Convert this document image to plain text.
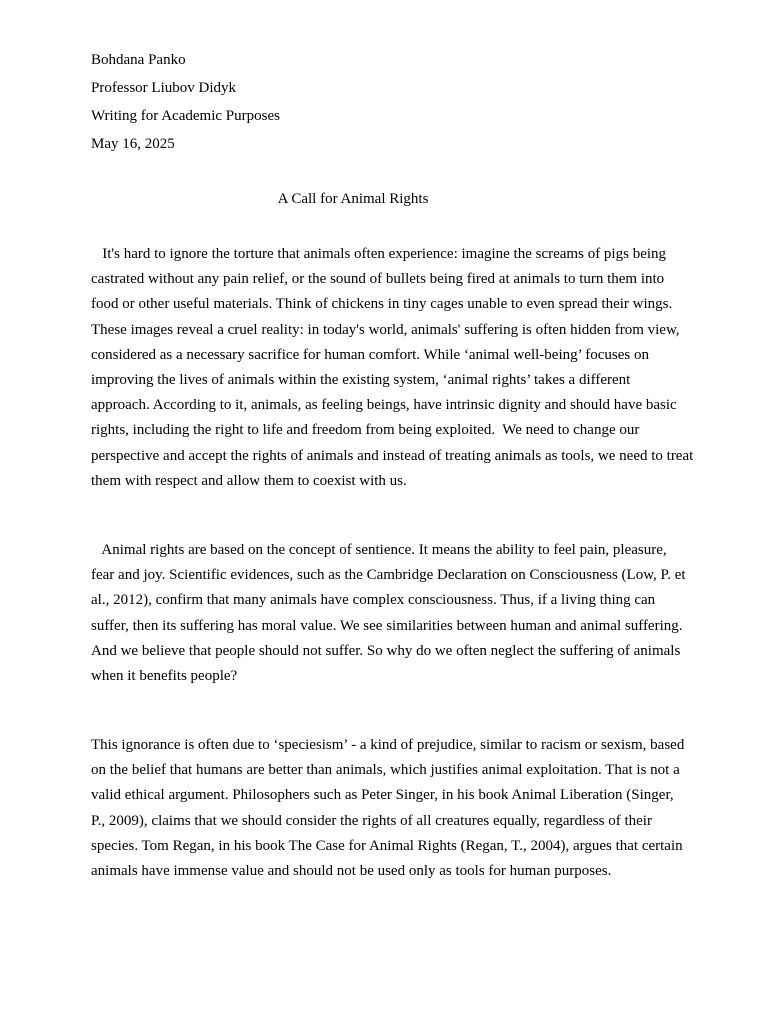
Bohdana Panko
Professor Liubov Didyk
Writing for Academic Purposes
May 16, 2025
A Call for Animal Rights

It's hard to ignore the torture that animals often experience: imagine the screams of pigs being
castrated without any pain relief, or the sound of bullets being fired at animals to turn them into
food or other useful materials. Think of chickens in tiny cages unable to even spread their wings.
These images reveal a cruel reality: in today's world, animals' suffering is often hidden from view,
considered as a necessary sacrifice for human comfort. While ‘animal well-being’ focuses on
improving the lives of animals within the existing system, ‘animal rights’ takes a different
approach. According to it, animals, as feeling beings, have intrinsic dignity and should have basic
rights, including the right to life and freedom from being exploited.  We need to change our
perspective and accept the rights of animals and instead of treating animals as tools, we need to treat
them with respect and allow them to coexist with us.

Animal rights are based on the concept of sentience. It means the ability to feel pain, pleasure,
fear and joy. Scientific evidences, such as the Cambridge Declaration on Consciousness (Low, P. et
al., 2012), confirm that many animals have complex consciousness. Thus, if a living thing can
suffer, then its suffering has moral value. We see similarities between human and animal suffering.
And we believe that people should not suffer. So why do we often neglect the suffering of animals
when it benefits people?

This ignorance is often due to ‘speciesism’ - a kind of prejudice, similar to racism or sexism, based
on the belief that humans are better than animals, which justifies animal exploitation. That is not a
valid ethical argument. Philosophers such as Peter Singer, in his book Animal Liberation (Singer,
P., 2009), claims that we should consider the rights of all creatures equally, regardless of their
species. Tom Regan, in his book The Case for Animal Rights (Regan, T., 2004), argues that certain
animals have immense value and should not be used only as tools for human purposes.
